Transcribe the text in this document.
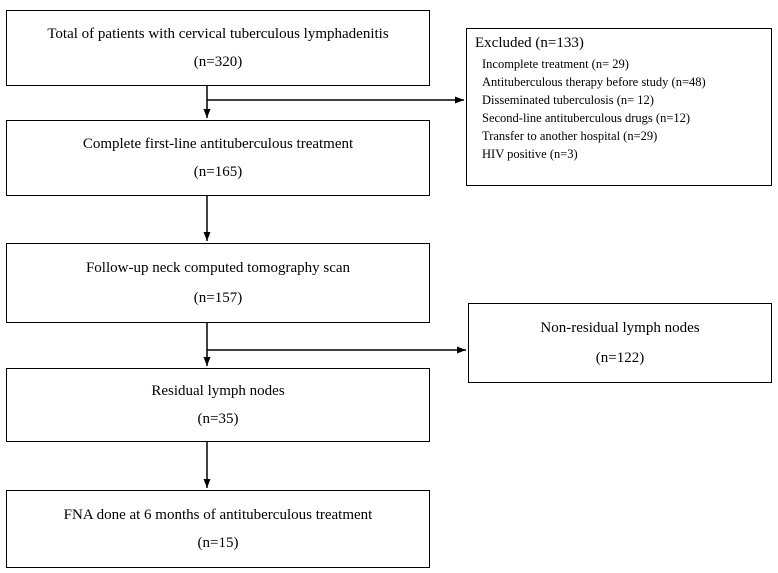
Total of patients with cervical tuberculous lymphadenitis
(n=320)
Complete first-line antituberculous treatment
(n=165)
Follow-up neck computed tomography scan
(n=157)
Residual lymph nodes
(n=35)
FNA done at 6 months of antituberculous treatment
(n=15)
Excluded (n=133)
Incomplete treatment (n= 29)
Antituberculous therapy before study (n=48)
Disseminated tuberculosis (n= 12)
Second-line antituberculous drugs (n=12)
Transfer to another hospital (n=29)
HIV positive (n=3)
Non-residual lymph nodes
(n=122)
